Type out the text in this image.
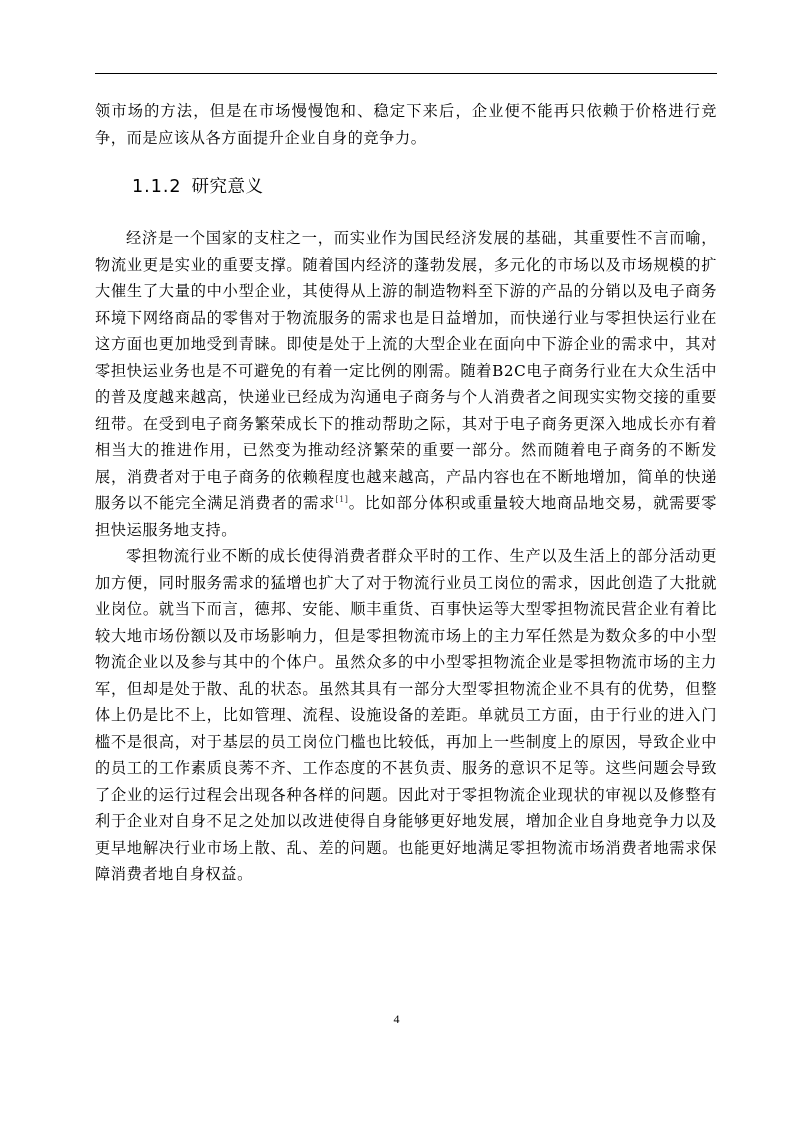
领市场的方法，但是在市场慢慢饱和、稳定下来后，企业便不能再只依赖于价格进行竞争，而是应该从各方面提升企业自身的竞争力。

1.1.2 研究意义

经济是一个国家的支柱之一，而实业作为国民经济发展的基础，其重要性不言而喻，物流业更是实业的重要支撑。随着国内经济的蓬勃发展，多元化的市场以及市场规模的扩大催生了大量的中小型企业，其使得从上游的制造物料至下游的产品的分销以及电子商务环境下网络商品的零售对于物流服务的需求也是日益增加，而快递行业与零担快运行业在这方面也更加地受到青睐。即使是处于上流的大型企业在面向中下游企业的需求中，其对零担快运业务也是不可避免的有着一定比例的刚需。随着B2C电子商务行业在大众生活中的普及度越来越高，快递业已经成为沟通电子商务与个人消费者之间现实实物交接的重要纽带。在受到电子商务繁荣成长下的推动帮助之际，其对于电子商务更深入地成长亦有着相当大的推进作用，已然变为推动经济繁荣的重要一部分。然而随着电子商务的不断发展，消费者对于电子商务的依赖程度也越来越高，产品内容也在不断地增加，简单的快递服务以不能完全满足消费者的需求[1]。比如部分体积或重量较大地商品地交易，就需要零担快运服务地支持。

零担物流行业不断的成长使得消费者群众平时的工作、生产以及生活上的部分活动更加方便，同时服务需求的猛增也扩大了对于物流行业员工岗位的需求，因此创造了大批就业岗位。就当下而言，德邦、安能、顺丰重货、百事快运等大型零担物流民营企业有着比较大地市场份额以及市场影响力，但是零担物流市场上的主力军任然是为数众多的中小型物流企业以及参与其中的个体户。虽然众多的中小型零担物流企业是零担物流市场的主力军，但却是处于散、乱的状态。虽然其具有一部分大型零担物流企业不具有的优势，但整体上仍是比不上，比如管理、流程、设施设备的差距。单就员工方面，由于行业的进入门槛不是很高，对于基层的员工岗位门槛也比较低，再加上一些制度上的原因，导致企业中的员工的工作素质良莠不齐、工作态度的不甚负责、服务的意识不足等。这些问题会导致了企业的运行过程会出现各种各样的问题。因此对于零担物流企业现状的审视以及修整有利于企业对自身不足之处加以改进使得自身能够更好地发展，增加企业自身地竞争力以及更早地解决行业市场上散、乱、差的问题。也能更好地满足零担物流市场消费者地需求保障消费者地自身权益。

4
